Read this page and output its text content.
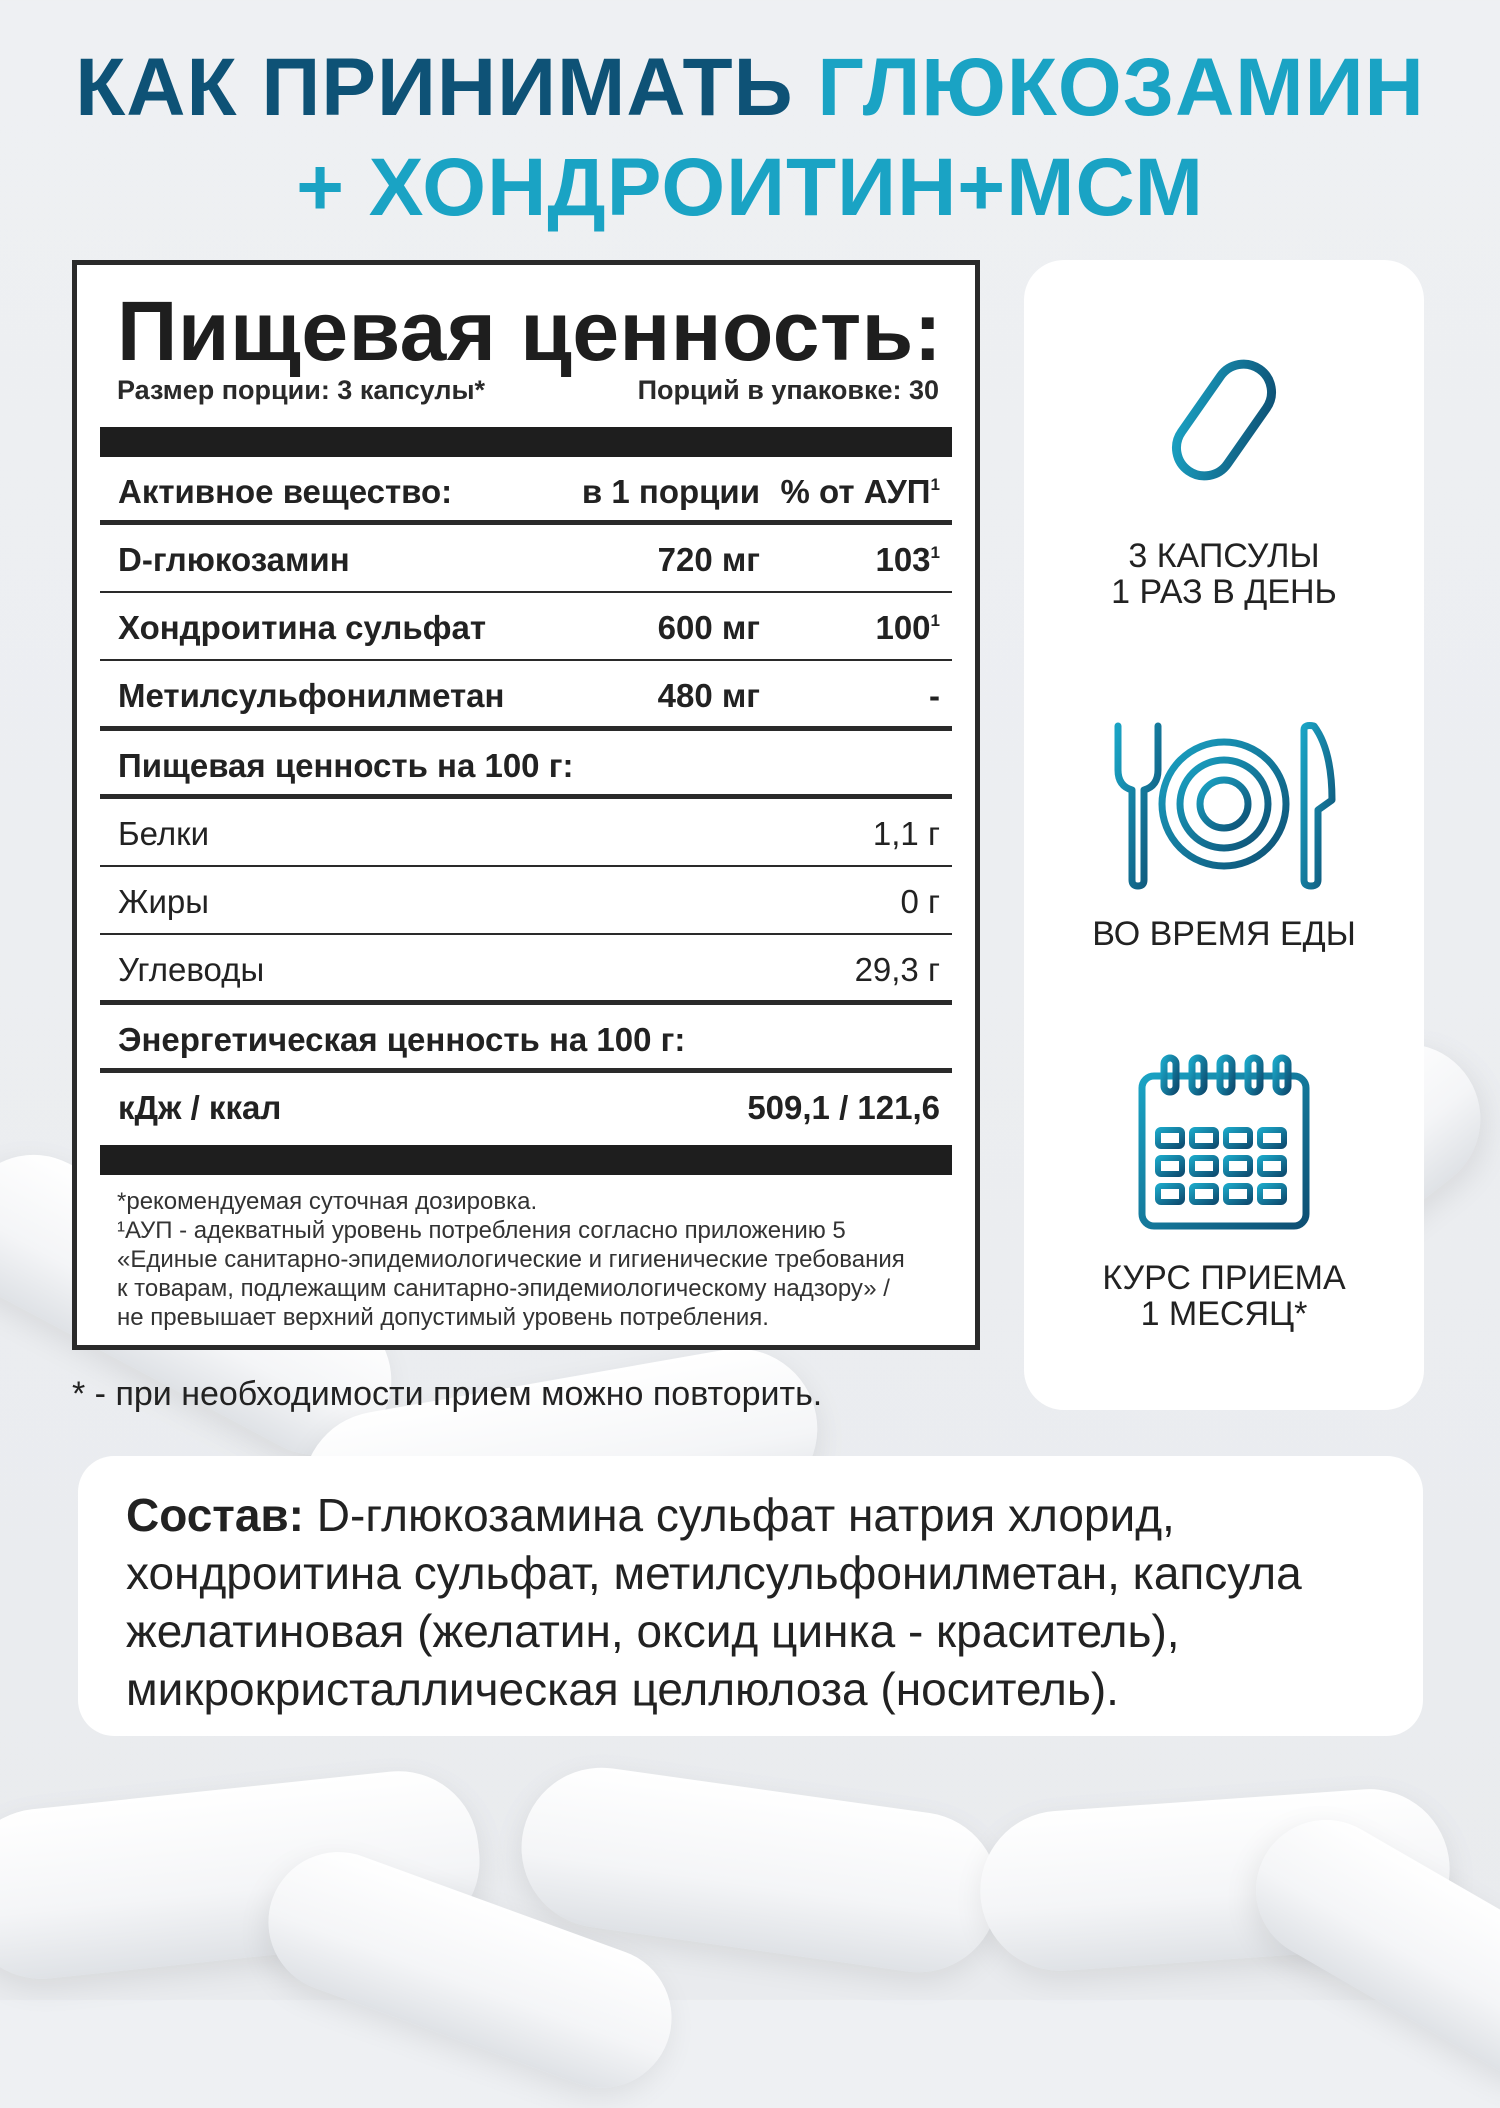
КАК ПРИНИМАТЬ ГЛЮКОЗАМИН
+ ХОНДРОИТИН+МСМ
Пищевая ценность:
Размер порции: 3 капсулы*	Порций в упаковке: 30
Активное вещество:	в 1 порции % от АУП$^1$
D-глюкозамин	720 мг	$103^1$
Хондроитина сульфат	600 мг	$100^1$
Метилсульфонилметан	480 мг	-
Пищевая ценность на 100 г:
Белки	1,1 г
Жиры	0 г
Углеводы	29,3 г
Энергетическая ценность на 100 г:
кДж / ккал	509,1 / 121,6
*рекомендуемая суточная дозировка.
¹АУП - адекватный уровень потребления согласно приложению 5
«Единые санитарно-эпидемиологические и гигиенические требования
к товарам, подлежащим санитарно-эпидемиологическому надзору» /
не превышает верхний допустимый уровень потребления.
* - при необходимости прием можно повторить.
3 КАПСУЛЫ
1 РАЗ В ДЕНЬ
ВО ВРЕМЯ ЕДЫ
КУРС ПРИЕМА
1 МЕСЯЦ*
Состав: D-глюкозамина сульфат натрия хлорид, хондроитина сульфат, метилсульфонилметан, капсула желатиновая (желатин, оксид цинка - краситель), микрокристаллическая целлюлоза (носитель).
